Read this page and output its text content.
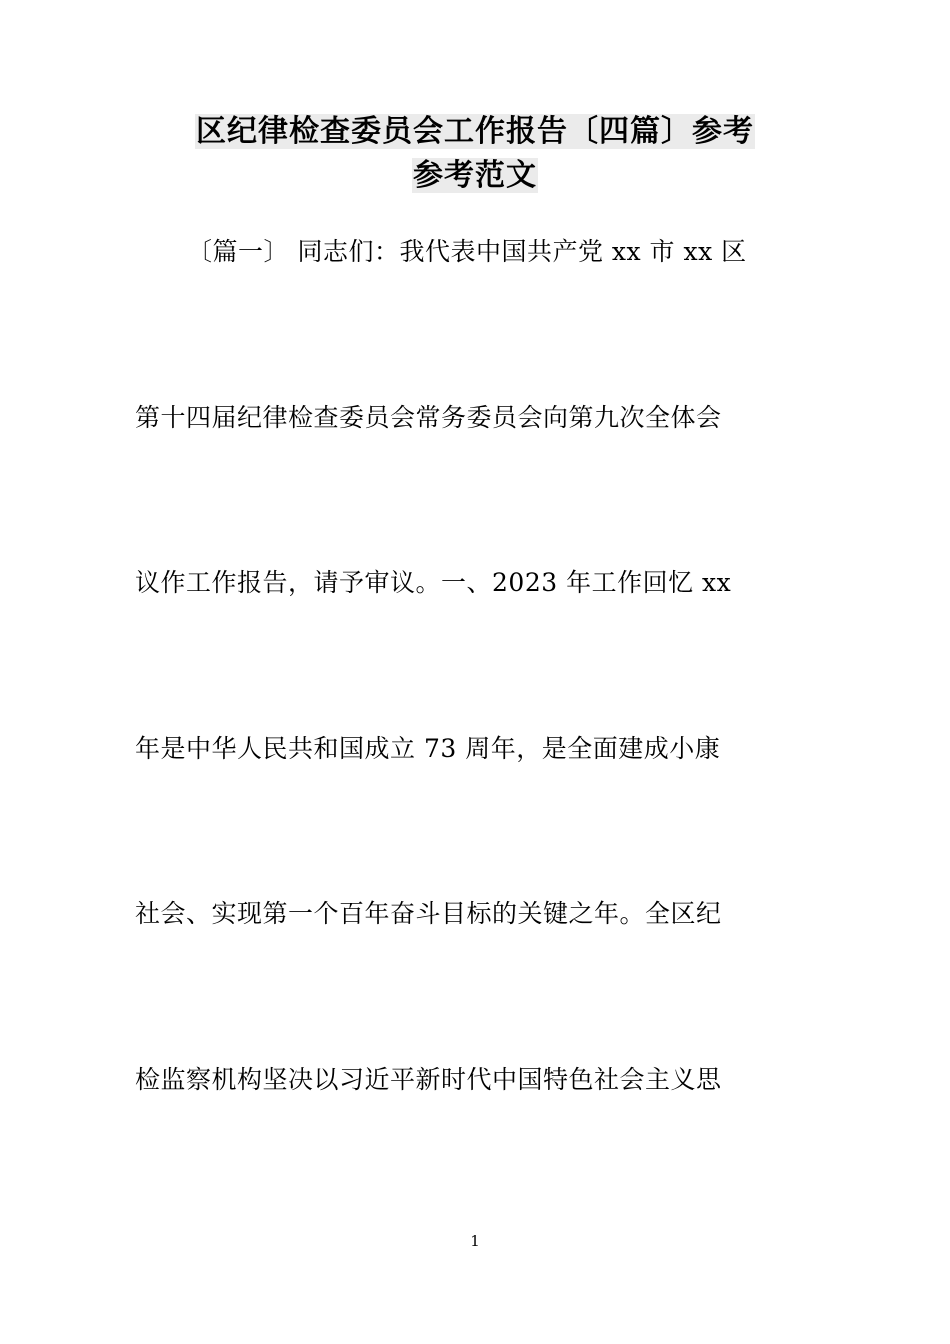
区纪律检查委员会工作报告〔四篇〕参考
参考范文

〔篇一〕 同志们：我代表中国共产党 xx 市 xx 区

第十四届纪律检查委员会常务委员会向第九次全体会

议作工作报告，请予审议。一、2023 年工作回忆 xx

年是中华人民共和国成立 73 周年，是全面建成小康

社会、实现第一个百年奋斗目标的关键之年。全区纪

检监察机构坚决以习近平新时代中国特色社会主义思

1
